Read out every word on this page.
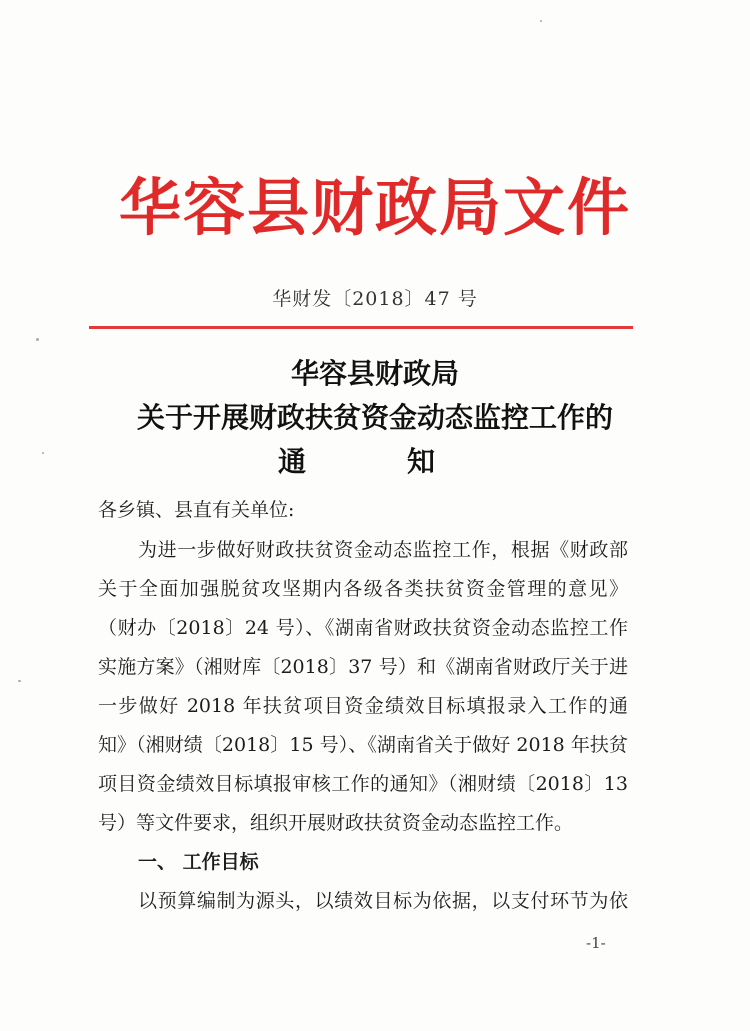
华容县财政局文件
华财发〔2018〕47 号
华容县财政局
关于开展财政扶贫资金动态监控工作的
通	知
各乡镇、县直有关单位:
为进一步做好财政扶贫资金动态监控工作，根据《财政部
关于全面加强脱贫攻坚期内各级各类扶贫资金管理的意见》
（财办〔2018〕24 号）、《湖南省财政扶贫资金动态监控工作
实施方案》（湘财库〔2018〕37 号）和《湖南省财政厅关于进
一步做好 2018 年扶贫项目资金绩效目标填报录入工作的通
知》（湘财绩〔2018〕15 号）、《湖南省关于做好 2018 年扶贫
项目资金绩效目标填报审核工作的通知》（湘财绩〔2018〕13
号）等文件要求，组织开展财政扶贫资金动态监控工作。
一、 工作目标
以预算编制为源头，以绩效目标为依据，以支付环节为依
-1-
